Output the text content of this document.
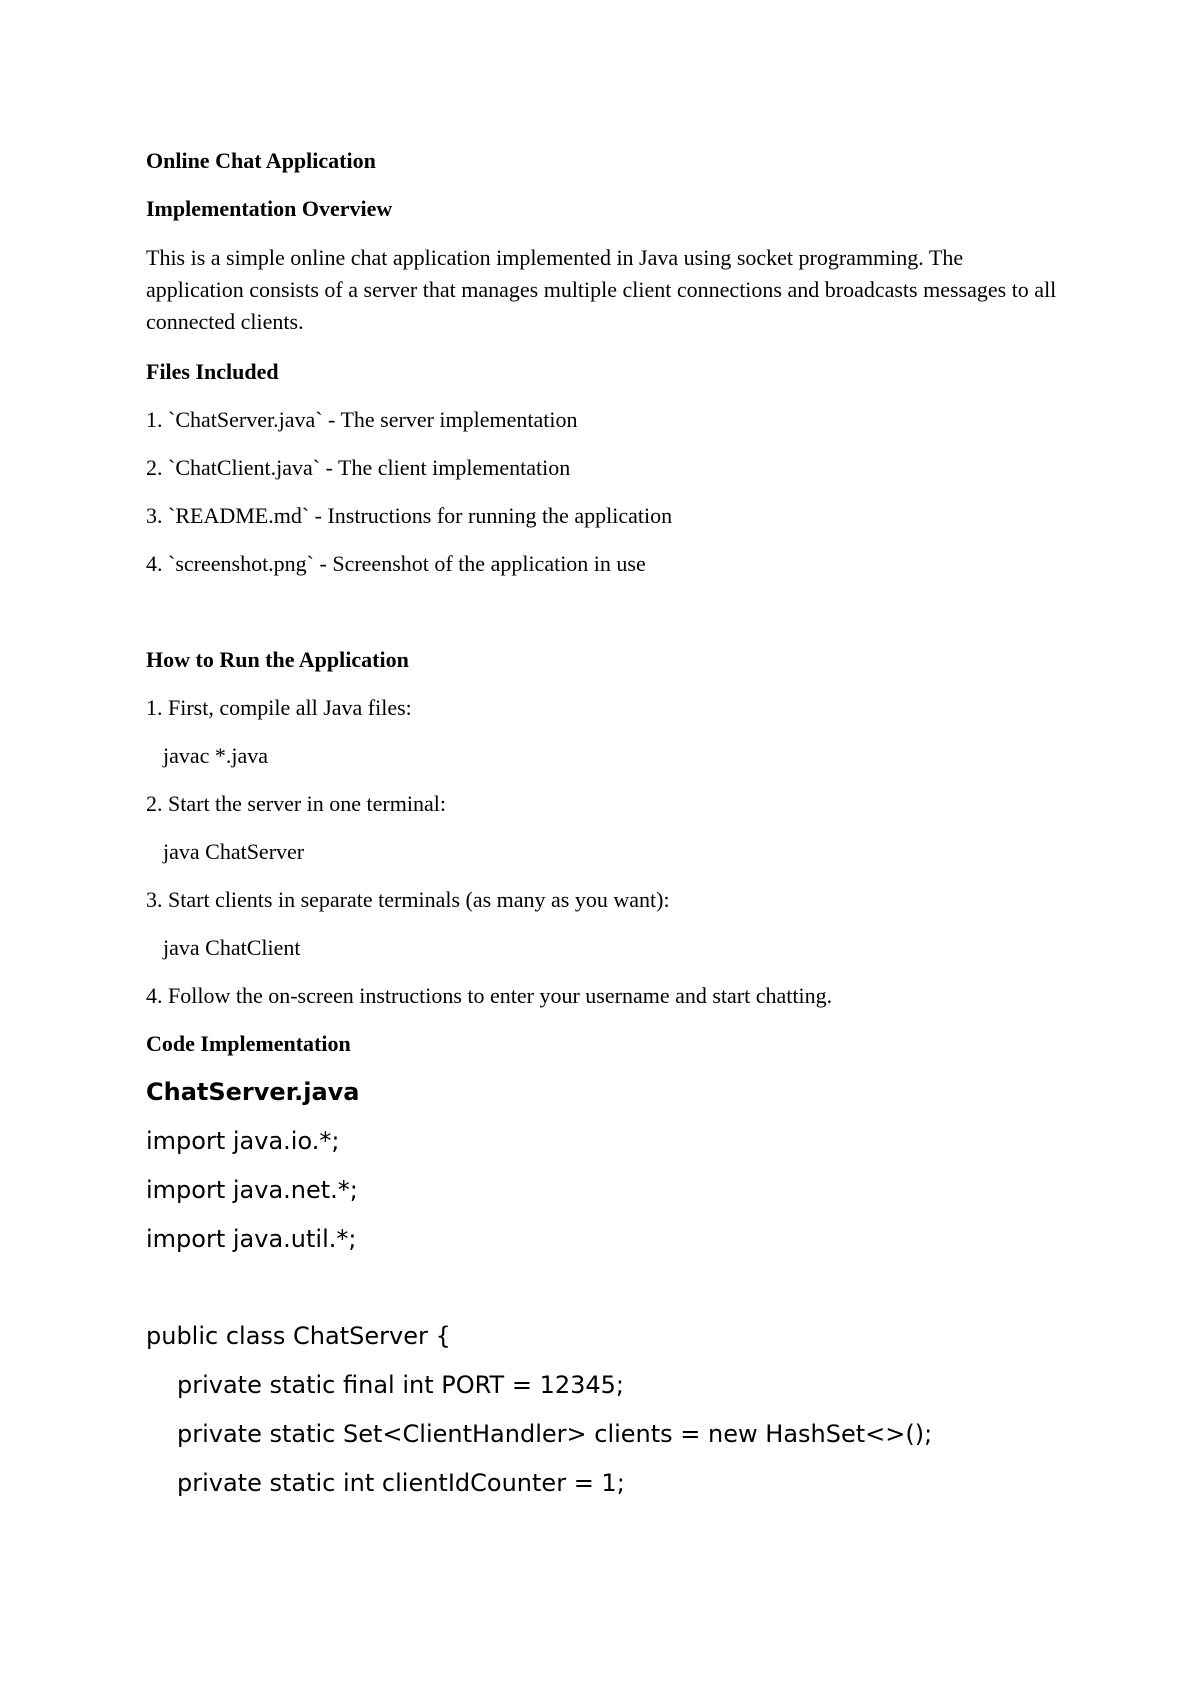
Online Chat Application

Implementation Overview

This is a simple online chat application implemented in Java using socket programming. The application consists of a server that manages multiple client connections and broadcasts messages to all connected clients.

Files Included

1. `ChatServer.java` - The server implementation

2. `ChatClient.java` - The client implementation

3. `README.md` - Instructions for running the application

4. `screenshot.png` - Screenshot of the application in use

How to Run the Application

1. First, compile all Java files:

javac *.java

2. Start the server in one terminal:

java ChatServer

3. Start clients in separate terminals (as many as you want):

java ChatClient

4. Follow the on-screen instructions to enter your username and start chatting.

Code Implementation

ChatServer.java

import java.io.*;

import java.net.*;

import java.util.*;

public class ChatServer {

private static final int PORT = 12345;

private static Set<ClientHandler> clients = new HashSet<>();

private static int clientIdCounter = 1;
